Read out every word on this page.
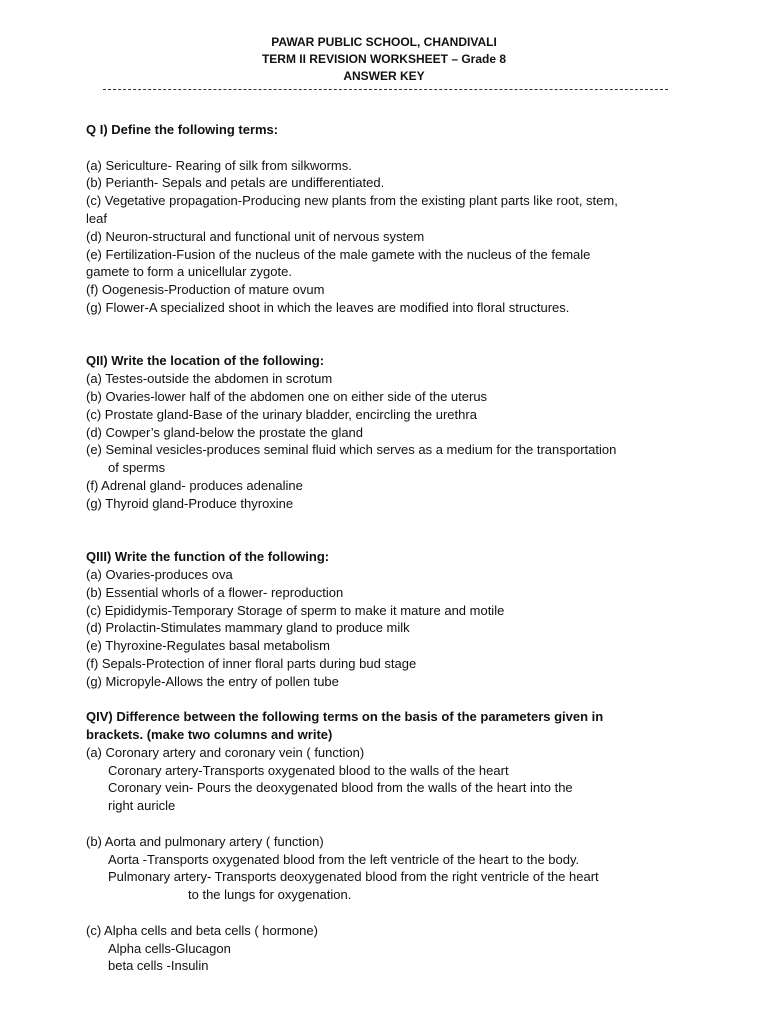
PAWAR PUBLIC SCHOOL, CHANDIVALI
TERM II REVISION WORKSHEET – Grade 8
ANSWER KEY

Q I) Define the following terms:

(a) Sericulture- Rearing of silk from silkworms.

(b) Perianth- Sepals and petals are undifferentiated.

(c) Vegetative propagation-Producing new plants from the existing plant parts like root, stem,

leaf

(d) Neuron-structural and functional unit of nervous system

(e) Fertilization-Fusion of the nucleus of the male gamete with the nucleus of the female

gamete to form a unicellular zygote.

(f) Oogenesis-Production of mature ovum

(g) Flower-A specialized shoot in which the leaves are modified into floral structures.

QII) Write the location of the following:

(a) Testes-outside the abdomen in scrotum

(b) Ovaries-lower half of the abdomen one on either side of the uterus

(c) Prostate gland-Base of the urinary bladder, encircling the urethra

(d) Cowper’s gland-below the prostate the gland

(e) Seminal vesicles-produces seminal fluid which serves as a medium for the transportation

of sperms

(f) Adrenal gland- produces adenaline

(g) Thyroid gland-Produce thyroxine

QIII) Write the function of the following:

(a) Ovaries-produces ova

(b) Essential whorls of a flower- reproduction

(c) Epididymis-Temporary Storage of sperm to make it mature and motile

(d) Prolactin-Stimulates mammary gland to produce milk

(e) Thyroxine-Regulates basal metabolism

(f) Sepals-Protection of inner floral parts during bud stage

(g) Micropyle-Allows the entry of pollen tube

QIV) Difference between the following terms on the basis of the parameters given in

brackets. (make two columns and write)

(a) Coronary artery and coronary vein ( function)

Coronary artery-Transports oxygenated blood to the walls of the heart

Coronary vein- Pours the deoxygenated blood from the walls of the heart into the

right auricle

(b) Aorta and pulmonary artery ( function)

Aorta -Transports oxygenated blood from the left ventricle of the heart to the body.

Pulmonary artery- Transports deoxygenated blood from the right ventricle of the heart

to the lungs for oxygenation.

(c) Alpha cells and beta cells ( hormone)

Alpha cells-Glucagon

beta cells -Insulin
